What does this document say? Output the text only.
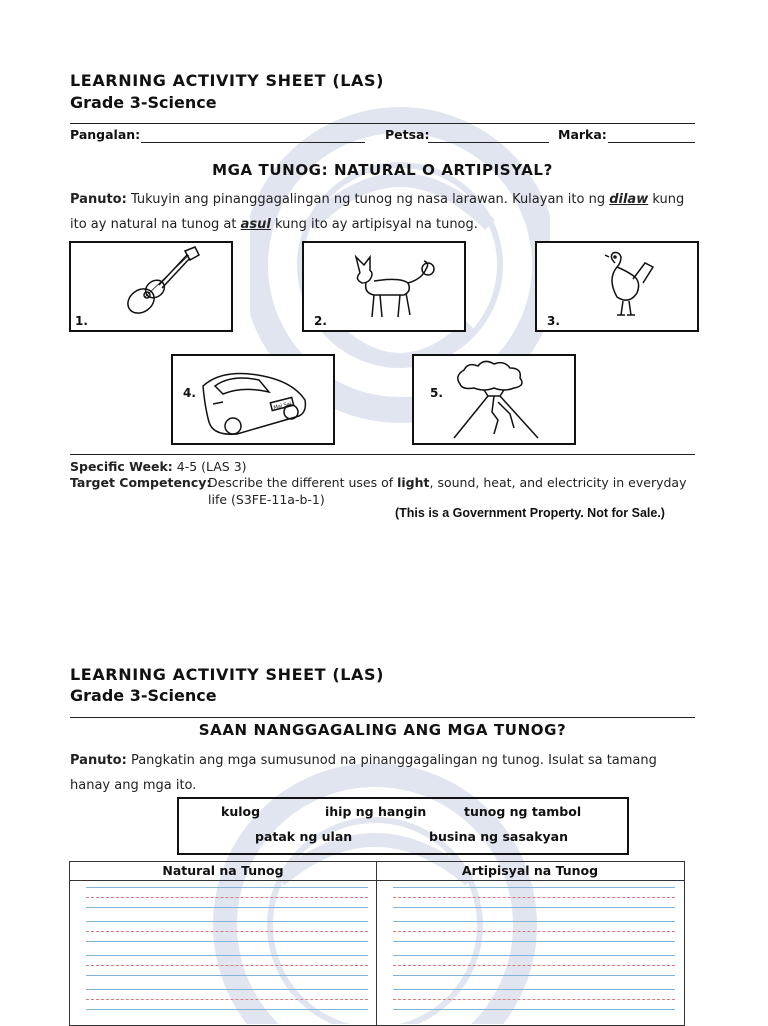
LEARNING ACTIVITY SHEET (LAS)
Grade 3-Science
Pangalan:	Petsa:	Marka:
MGA TUNOG: NATURAL O ARTIPISYAL?
Panuto: Tukuyin ang pinanggagalingan ng tunog ng nasa larawan. Kulayan ito ng dilaw kung ito ay natural na tunog at asul kung ito ay artipisyal na tunog.
1.	2.	3.
Mai Sai
4.	5.
Specific Week: 4-5 (LAS 3)
Target Competency:
Describe the different uses of light, sound, heat, and electricity in everyday
life (S3FE-11a-b-1)
(This is a Government Property. Not for Sale.)
LEARNING ACTIVITY SHEET (LAS)
Grade 3-Science
SAAN NANGGAGALING ANG MGA TUNOG?
Panuto: Pangkatin ang mga sumusunod na pinanggagalingan ng tunog. Isulat sa tamang
hanay ang mga ito.
kulog	ihip ng hangin	tunog ng tambol
patak ng ulan	busina ng sasakyan
Natural na Tunog	Artipisyal na Tunog
